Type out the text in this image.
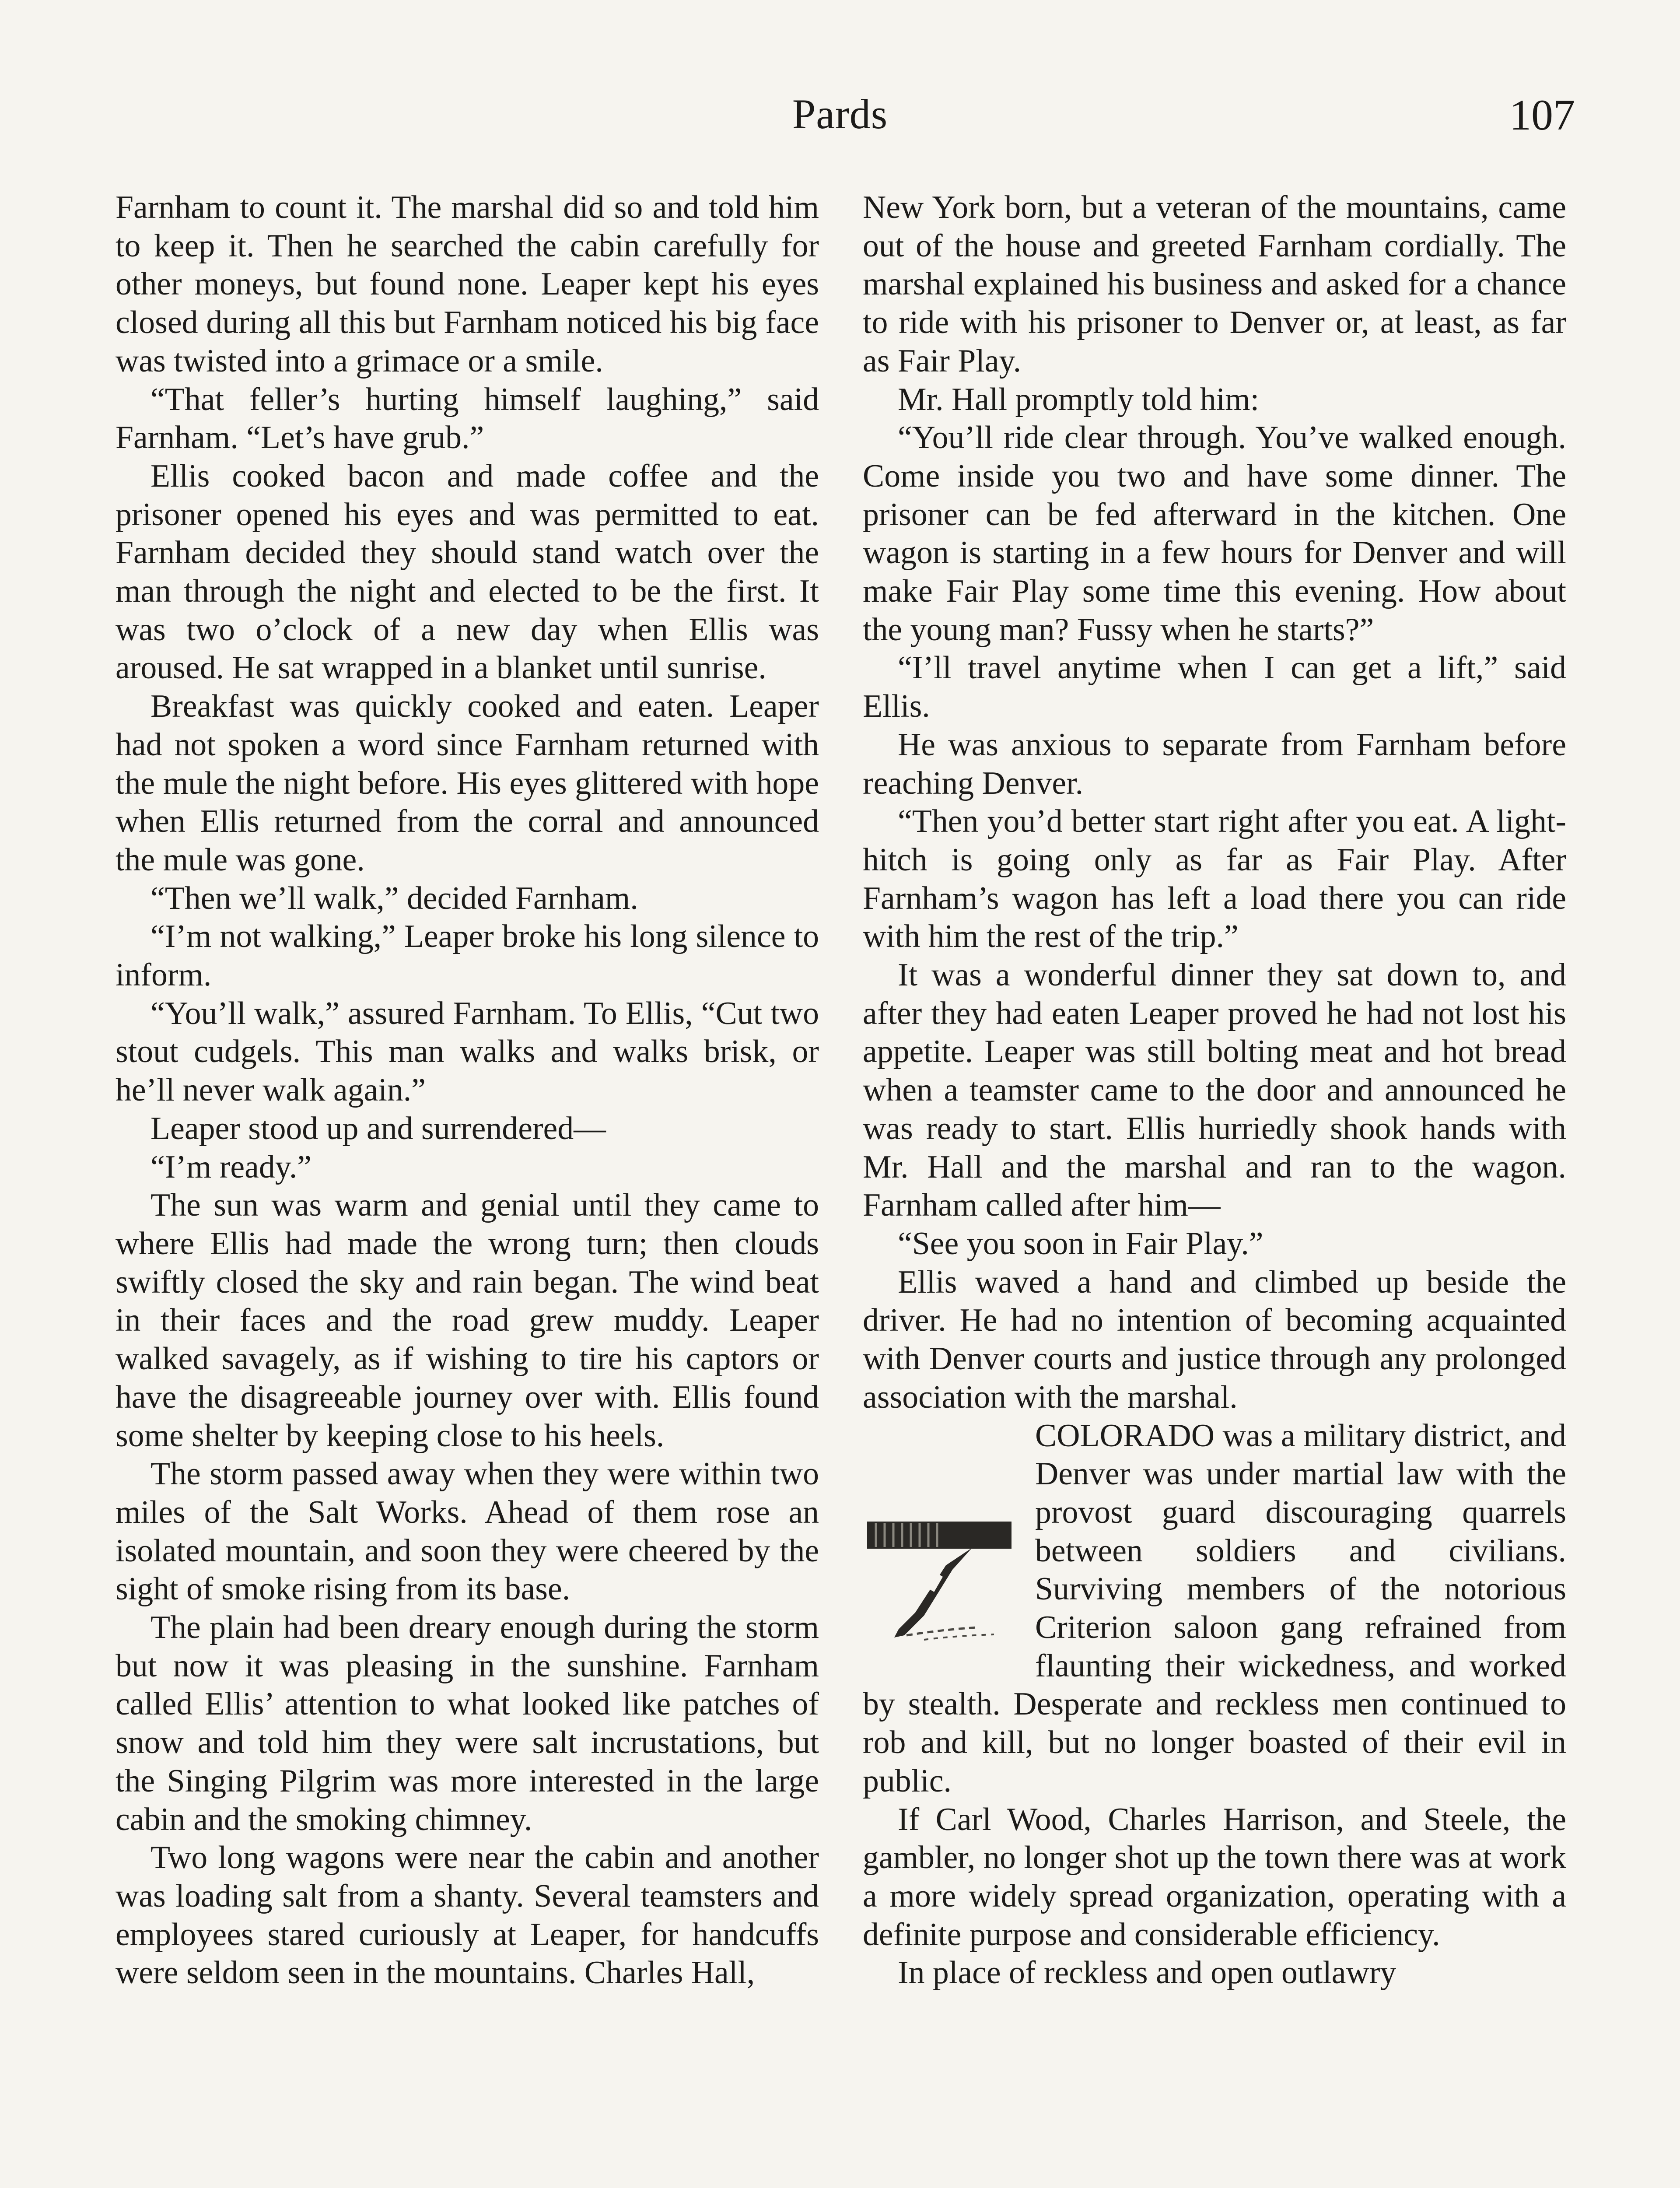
Pards	107

Farnham to count it. The marshal did so and told him to keep it. Then he searched the cabin carefully for other moneys, but found none. Leaper kept his eyes closed during all this but Farnham noticed his big face was twisted into a grimace or a smile.

“That feller’s hurting himself laughing,” said Farnham. “Let’s have grub.”

Ellis cooked bacon and made coffee and the prisoner opened his eyes and was permitted to eat. Farnham decided they should stand watch over the man through the night and elected to be the first. It was two o’clock of a new day when Ellis was aroused. He sat wrapped in a blanket until sunrise.

Breakfast was quickly cooked and eaten. Leaper had not spoken a word since Farnham returned with the mule the night before. His eyes glittered with hope when Ellis returned from the corral and announced the mule was gone.

“Then we’ll walk,” decided Farnham.

“I’m not walking,” Leaper broke his long silence to inform.

“You’ll walk,” assured Farnham. To Ellis, “Cut two stout cudgels. This man walks and walks brisk, or he’ll never walk again.”

Leaper stood up and surrendered—

“I’m ready.”

The sun was warm and genial until they came to where Ellis had made the wrong turn; then clouds swiftly closed the sky and rain began. The wind beat in their faces and the road grew muddy. Leaper walked savagely, as if wishing to tire his captors or have the disagreeable journey over with. Ellis found some shelter by keeping close to his heels.

The storm passed away when they were within two miles of the Salt Works. Ahead of them rose an isolated mountain, and soon they were cheered by the sight of smoke rising from its base.

The plain had been dreary enough during the storm but now it was pleasing in the sunshine. Farnham called Ellis’ attention to what looked like patches of snow and told him they were salt incrustations, but the Singing Pilgrim was more interested in the large cabin and the smoking chimney.

Two long wagons were near the cabin and another was loading salt from a shanty. Several teamsters and employees stared curiously at Leaper, for handcuffs were seldom seen in the mountains. Charles Hall,

New York born, but a veteran of the mountains, came out of the house and greeted Farnham cordially. The marshal explained his business and asked for a chance to ride with his prisoner to Denver or, at least, as far as Fair Play.

Mr. Hall promptly told him:

“You’ll ride clear through. You’ve walked enough. Come inside you two and have some dinner. The prisoner can be fed afterward in the kitchen. One wagon is starting in a few hours for Denver and will make Fair Play some time this evening. How about the young man? Fussy when he starts?”

“I’ll travel anytime when I can get a lift,” said Ellis.

He was anxious to separate from Farnham before reaching Denver.

“Then you’d better start right after you eat. A light-hitch is going only as far as Fair Play. After Farnham’s wagon has left a load there you can ride with him the rest of the trip.”

It was a wonderful dinner they sat down to, and after they had eaten Leaper proved he had not lost his appetite. Leaper was still bolting meat and hot bread when a teamster came to the door and announced he was ready to start. Ellis hurriedly shook hands with Mr. Hall and the marshal and ran to the wagon. Farnham called after him—

“See you soon in Fair Play.”

Ellis waved a hand and climbed up beside the driver. He had no intention of becoming acquainted with Denver courts and justice through any prolonged association with the marshal.

COLORADO was a military district, and Denver was under martial law with the provost guard discouraging quarrels between soldiers and civilians. Surviving members of the notorious Criterion saloon gang refrained from flaunting their wickedness, and worked by stealth. Desperate and reckless men continued to rob and kill, but no longer boasted of their evil in public.

If Carl Wood, Charles Harrison, and Steele, the gambler, no longer shot up the town there was at work a more widely spread organization, operating with a definite purpose and considerable efficiency.

In place of reckless and open outlawry
